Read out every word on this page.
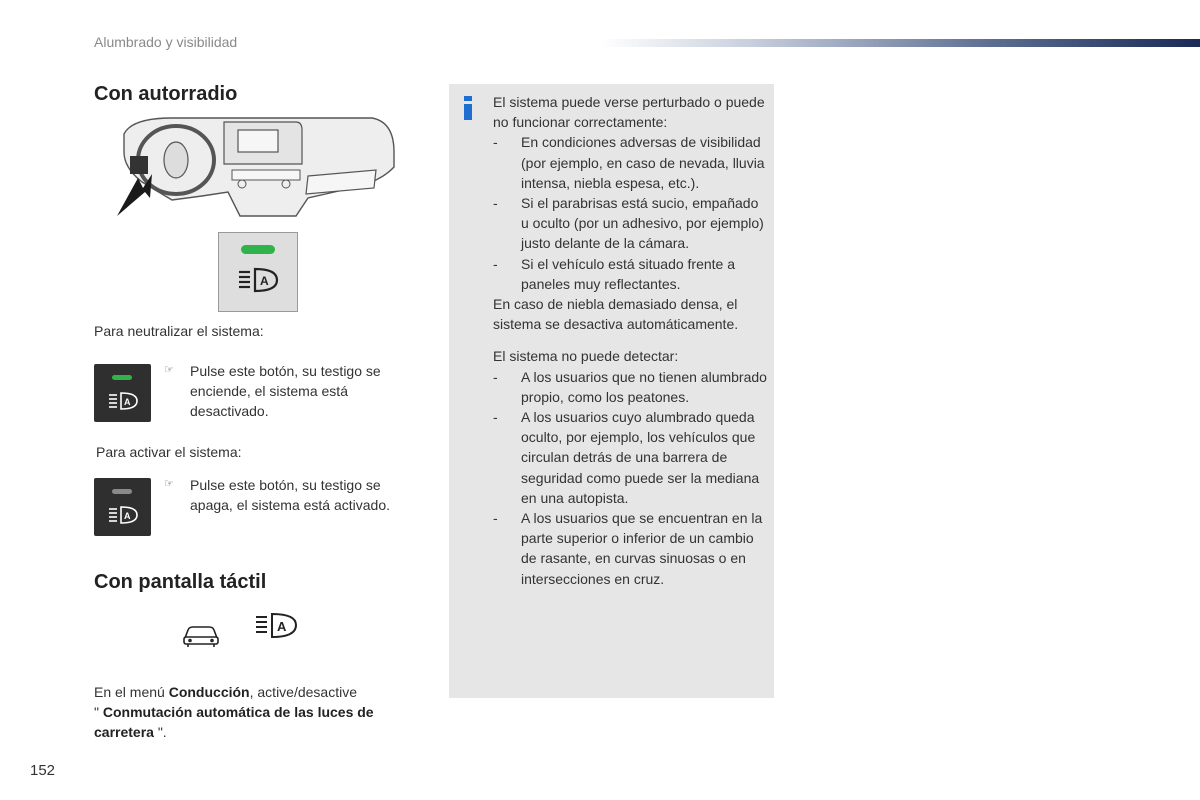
Alumbrado y visibilidad
Con autorradio
A
Para neutralizar el sistema:
A
☞	Pulse este botón, su testigo se enciende, el sistema está desactivado.
Para activar el sistema:
A
☞	Pulse este botón, su testigo se apaga, el sistema está activado.
Con pantalla táctil
A
En el menú Conducción, active/desactive
" Conmutación automática de las luces de carretera ".

El sistema puede verse perturbado o puede no funcionar correctamente:

-	En condiciones adversas de visibilidad (por ejemplo, en caso de nevada, lluvia intensa, niebla espesa, etc.).
-	Si el parabrisas está sucio, empañado u oculto (por un adhesivo, por ejemplo) justo delante de la cámara.
-	Si el vehículo está situado frente a paneles muy reflectantes.

En caso de niebla demasiado densa, el sistema se desactiva automáticamente.

El sistema no puede detectar:

-	A los usuarios que no tienen alumbrado propio, como los peatones.
-	A los usuarios cuyo alumbrado queda oculto, por ejemplo, los vehículos que circulan detrás de una barrera de seguridad como puede ser la mediana en una autopista.
-	A los usuarios que se encuentran en la parte superior o inferior de un cambio de rasante, en curvas sinuosas o en intersecciones en cruz.
152
